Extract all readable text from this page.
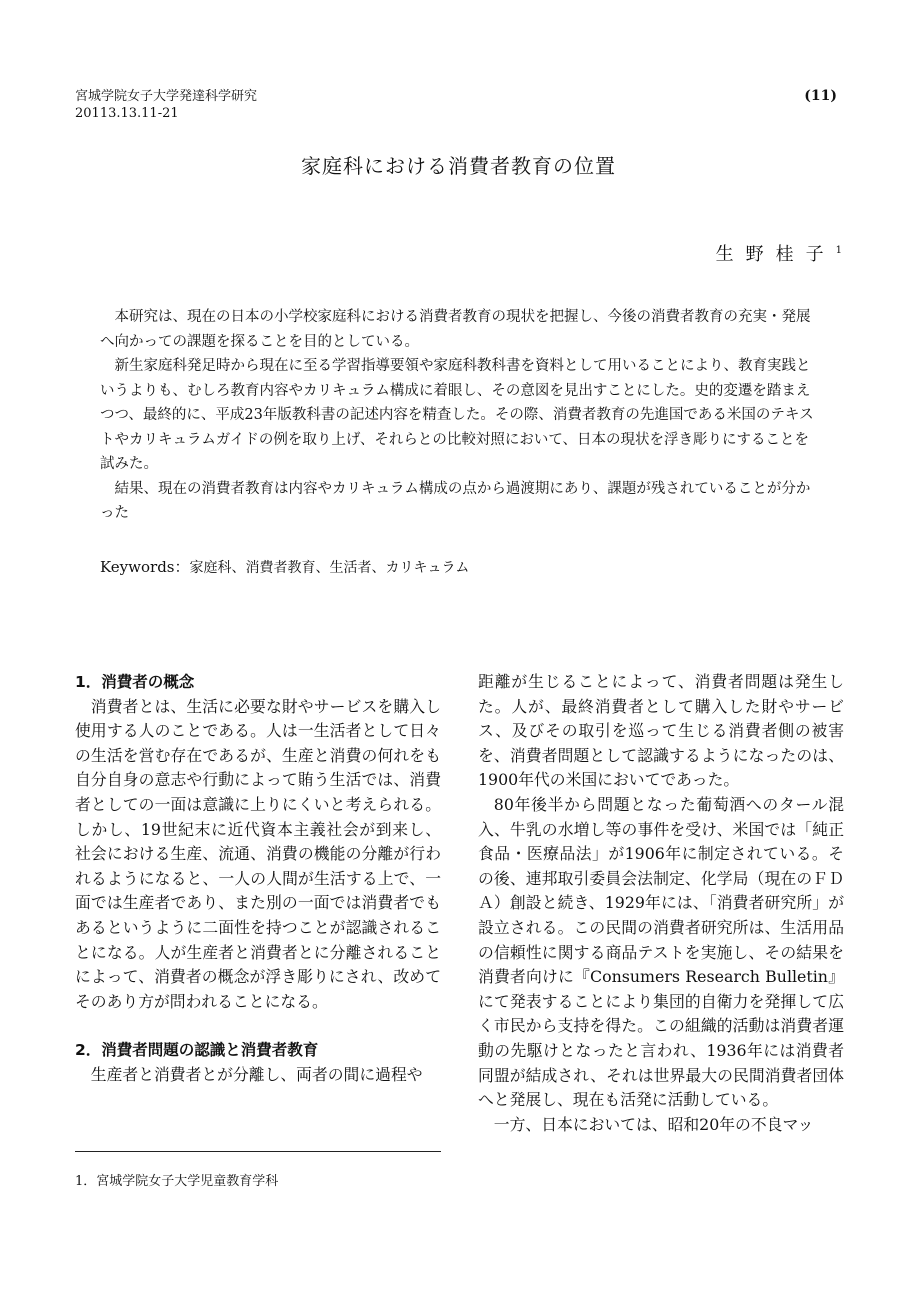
宮城学院女子大学発達科学研究
20113.13.11-21
(11)
家庭科における消費者教育の位置
生野桂子$^1$

本研究は、現在の日本の小学校家庭科における消費者教育の現状を把握し、今後の消費者教育の充実・発展へ向かっての課題を探ることを目的としている。

新生家庭科発足時から現在に至る学習指導要領や家庭科教科書を資料として用いることにより、教育実践というよりも、むしろ教育内容やカリキュラム構成に着眼し、その意図を見出すことにした。史的変遷を踏まえつつ、最終的に、平成23年版教科書の記述内容を精査した。その際、消費者教育の先進国である米国のテキストやカリキュラムガイドの例を取り上げ、それらとの比較対照において、日本の現状を浮き彫りにすることを試みた。

結果、現在の消費者教育は内容やカリキュラム構成の点から過渡期にあり、課題が残されていることが分かった

Keywords：家庭科、消費者教育、生活者、カリキュラム
1．消費者の概念

消費者とは、生活に必要な財やサービスを購入し使用する人のことである。人は一生活者として日々の生活を営む存在であるが、生産と消費の何れをも自分自身の意志や行動によって賄う生活では、消費者としての一面は意識に上りにくいと考えられる。しかし、19世紀末に近代資本主義社会が到来し、社会における生産、流通、消費の機能の分離が行われるようになると、一人の人間が生活する上で、一面では生産者であり、また別の一面では消費者でもあるというように二面性を持つことが認識されることになる。人が生産者と消費者とに分離されることによって、消費者の概念が浮き彫りにされ、改めてそのあり方が問われることになる。

2．消費者問題の認識と消費者教育

生産者と消費者とが分離し、両者の間に過程や

距離が生じることによって、消費者問題は発生した。人が、最終消費者として購入した財やサービス、及びその取引を巡って生じる消費者側の被害を、消費者問題として認識するようになったのは、1900年代の米国においてであった。

80年後半から問題となった葡萄酒へのタール混入、牛乳の水増し等の事件を受け、米国では「純正食品・医療品法」が1906年に制定されている。その後、連邦取引委員会法制定、化学局（現在のＦＤＡ）創設と続き、1929年には、「消費者研究所」が設立される。この民間の消費者研究所は、生活用品の信頼性に関する商品テストを実施し、その結果を消費者向けに『Consumers Research Bulletin』にて発表することにより集団的自衛力を発揮して広く市民から支持を得た。この組織的活動は消費者運動の先駆けとなったと言われ、1936年には消費者同盟が結成され、それは世界最大の民間消費者団体へと発展し、現在も活発に活動している。

一方、日本においては、昭和20年の不良マッ

1．宮城学院女子大学児童教育学科
